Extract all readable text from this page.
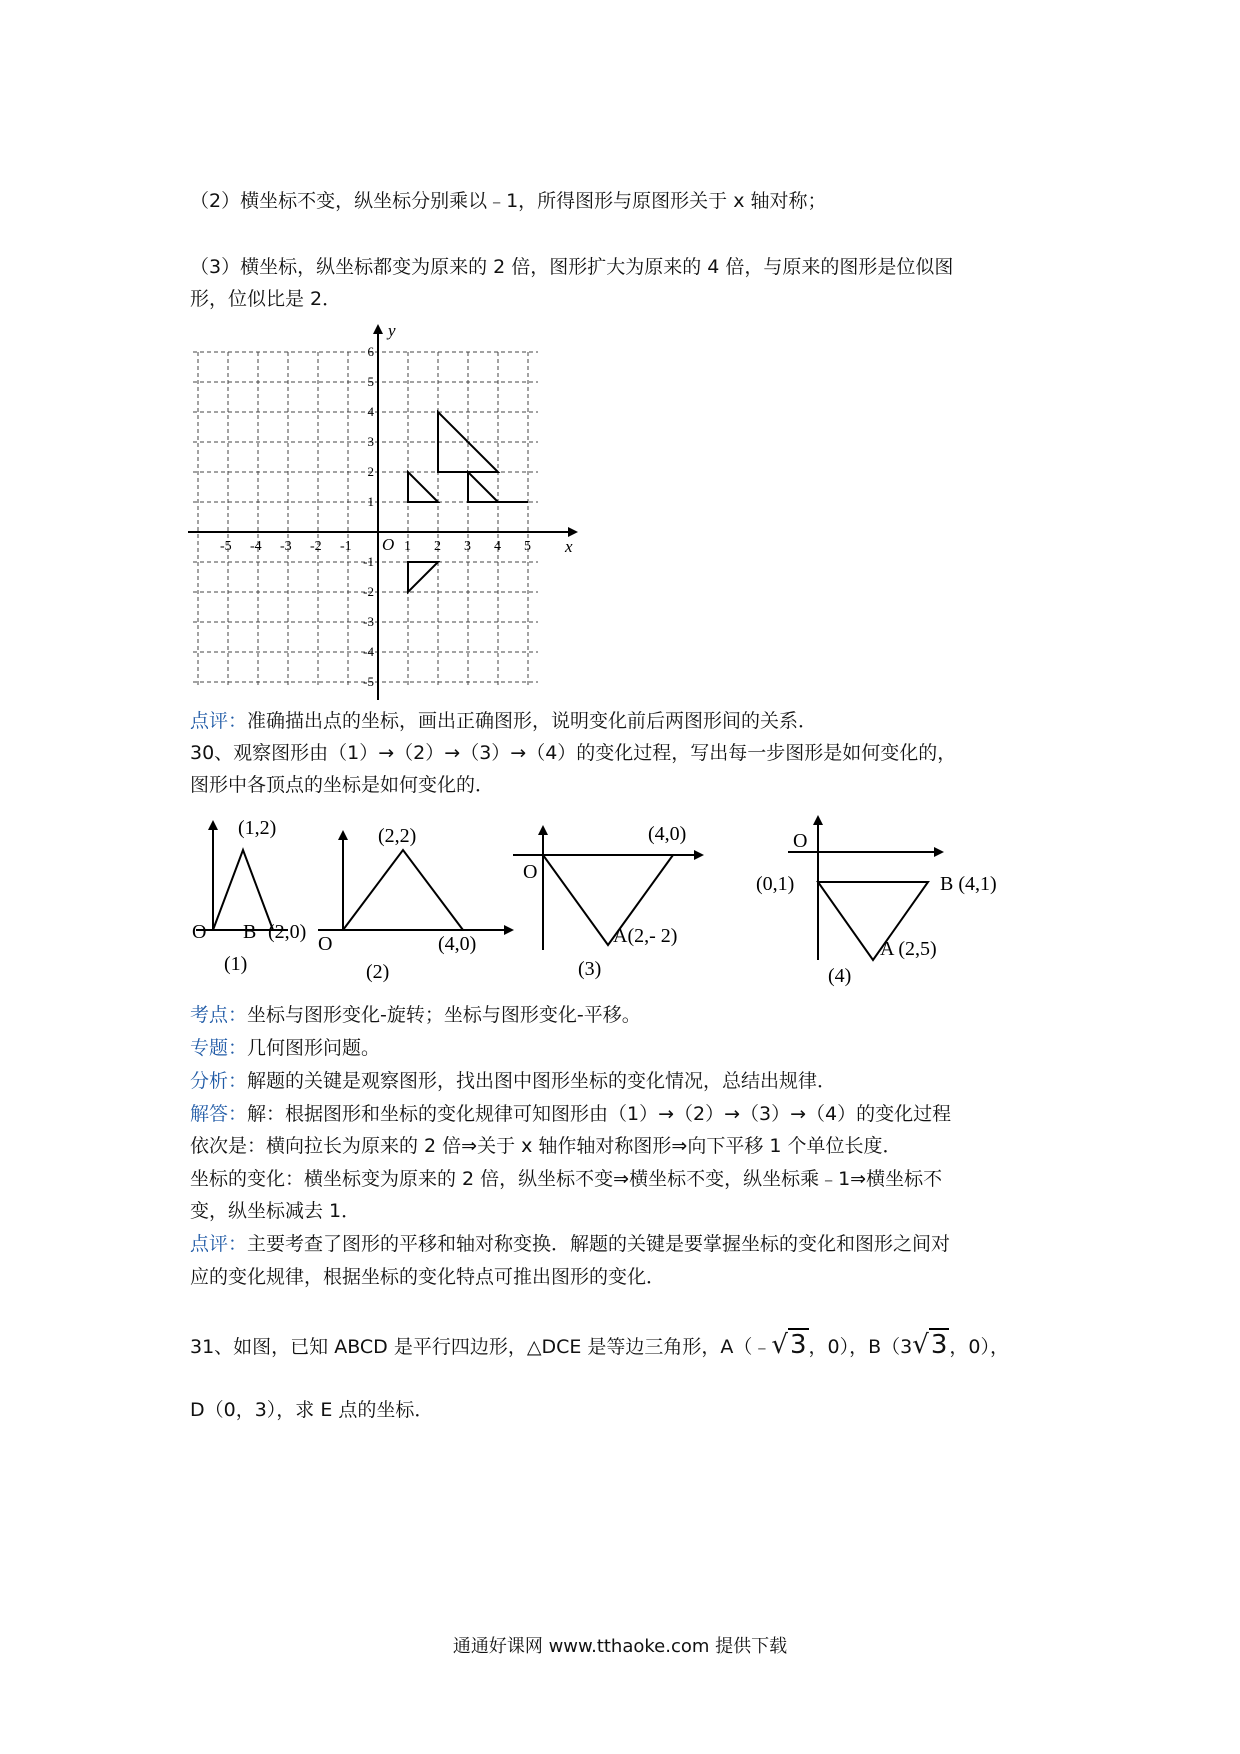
（2）横坐标不变，纵坐标分别乘以﹣1，所得图形与原图形关于 x 轴对称；
（3）横坐标，纵坐标都变为原来的 2 倍，图形扩大为原来的 4 倍，与原来的图形是位似图
形，位似比是 2．
x
y
O
-5 -4 -3 -2 -1	1 2 3 4 5
6
5
4
3
2
1
-1
-2
-3
-4
-5
点评：准确描出点的坐标，画出正确图形，说明变化前后两图形间的关系．
30、观察图形由（1）→（2）→（3）→（4）的变化过程，写出每一步图形是如何变化的，
图形中各顶点的坐标是如何变化的．
(1,2)
O B (2,0)
(1)
(2,2)
O	(4,0)
(2)
(4,0)
O
A(2,- 2)
(3)
O
(0,1)	B (4,1)
A (2,5)
(4)
考点：坐标与图形变化-旋转；坐标与图形变化-平移。
专题：几何图形问题。
分析：解题的关键是观察图形，找出图中图形坐标的变化情况，总结出规律．
解答：解：根据图形和坐标的变化规律可知图形由（1）→（2）→（3）→（4）的变化过程
依次是：横向拉长为原来的 2 倍⇒关于 x 轴作轴对称图形⇒向下平移 1 个单位长度．
坐标的变化：横坐标变为原来的 2 倍，纵坐标不变⇒横坐标不变，纵坐标乘﹣1⇒横坐标不
变，纵坐标减去 1．
点评：主要考查了图形的平移和轴对称变换．解题的关键是要掌握坐标的变化和图形之间对
应的变化规律，根据坐标的变化特点可推出图形的变化．
31、如图，已知 ABCD 是平行四边形，△DCE 是等边三角形，A（﹣√3 ，0），B（3√3 ，0），
D（0，3），求 E 点的坐标．
通通好课网 www.tthaoke.com 提供下载
